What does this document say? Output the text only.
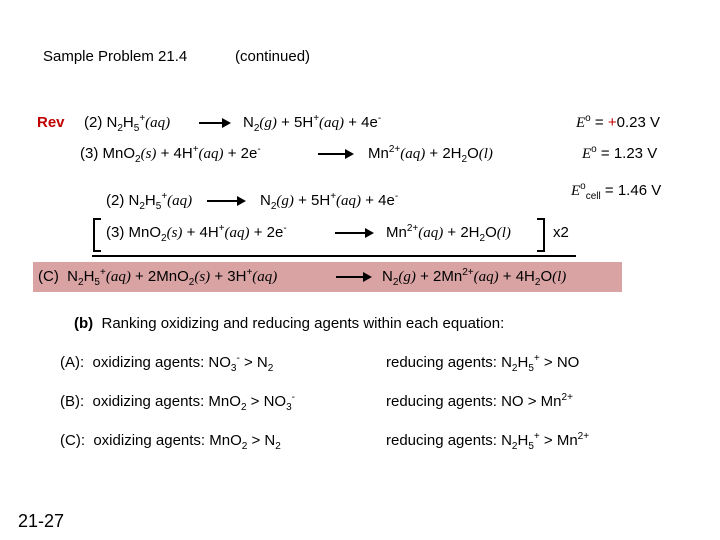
Sample Problem 21.4	(continued)
Rev (2) $N_2H_5^+(aq) \to N_2(g) + 5H^+(aq) + 4e^-$	$E^o = +0.23$ V
(3) MnO$_2$(s) + 4H+(aq) + 2e-	→ $Mn^{2+}(aq) + 2H_2O(l)$	$E^o = 1.23$ V
(2) $N_2H_5^+(aq) \to N_2(g) + 5H^+(aq) + 4e^-$	$E^o_{cell} = 1.46$ V
(3) MnO$_2$(s) + 4H+(aq) + 2e-	→ $Mn^{2+}(aq) + 2H_2O(l)$	x2
(C) $N_2H_5^+(aq) + 2MnO_2(s) + 3H^+(aq)$	→ $N_2(g) + 2Mn^{2+}(aq) + 4H_2O(l)$
(b) Ranking oxidizing and reducing agents within each equation:
(A): oxidizing agents: $NO_3^- > N_2$	reducing agents: $N_2H_5^+$ > NO
(B): oxidizing agents: $MnO_2 > NO_3^-$	reducing agents: NO > $Mn^{2+}$
(C): oxidizing agents: $MnO_2 > N_2$	reducing agents: $N_2H_5^+ > Mn^{2+}$
21-27
